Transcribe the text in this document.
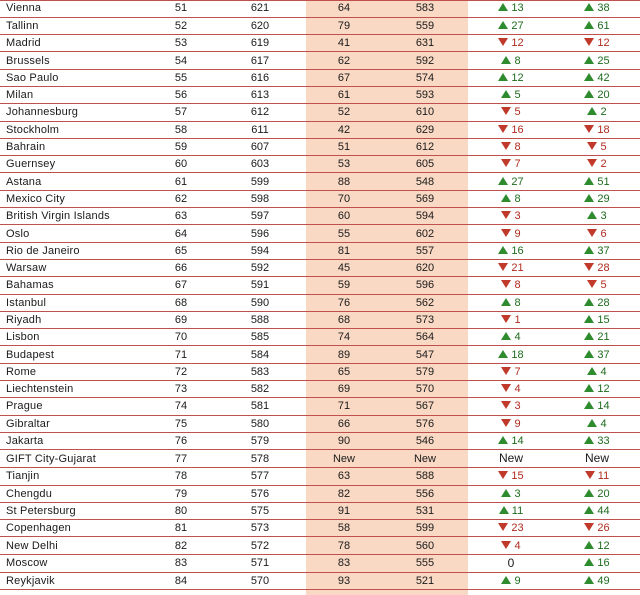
Vienna	51	621	64	583	13	38
Tallinn	52	620	79	559	27	61
Madrid	53	619	41	631	12	12
Brussels	54	617	62	592	8	25
Sao Paulo	55	616	67	574	12	42
Milan	56	613	61	593	5	20
Johannesburg	57	612	52	610	5	2
Stockholm	58	611	42	629	16	18
Bahrain	59	607	51	612	8	5
Guernsey	60	603	53	605	7	2
Astana	61	599	88	548	27	51
Mexico City	62	598	70	569	8	29
British Virgin Islands	63	597	60	594	3	3
Oslo	64	596	55	602	9	6
Rio de Janeiro	65	594	81	557	16	37
Warsaw	66	592	45	620	21	28
Bahamas	67	591	59	596	8	5
Istanbul	68	590	76	562	8	28
Riyadh	69	588	68	573	1	15
Lisbon	70	585	74	564	4	21
Budapest	71	584	89	547	18	37
Rome	72	583	65	579	7	4
Liechtenstein	73	582	69	570	4	12
Prague	74	581	71	567	3	14
Gibraltar	75	580	66	576	9	4
Jakarta	76	579	90	546	14	33
GIFT City-Gujarat	77	578	New	New	New	New
Tianjin	78	577	63	588	15	11
Chengdu	79	576	82	556	3	20
St Petersburg	80	575	91	531	11	44
Copenhagen	81	573	58	599	23	26
New Delhi	82	572	78	560	4	12
Moscow	83	571	83	555	0	16
Reykjavik	84	570	93	521	9	49
